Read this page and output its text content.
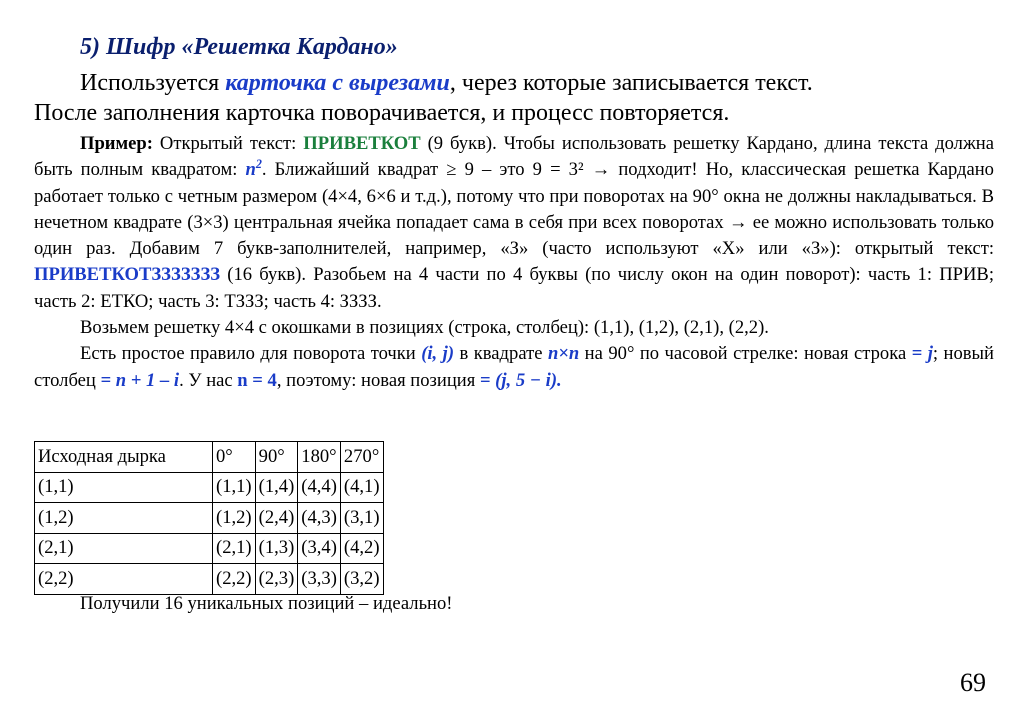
5) Шифр «Решетка Кардано»
Используется карточка с вырезами, через которые записывается текст.
После заполнения карточка поворачивается, и процесс повторяется.

Пример: Открытый текст: ПРИВЕТКОТ (9 букв). Чтобы использовать решетку Кардано, длина текста должна быть полным квадратом: $n^2$. Ближайший квадрат ≥ 9 – это 9 = 3² → подходит! Но, классическая решетка Кардано работает только с четным размером (4×4, 6×6 и т.д.), потому что при поворотах на 90° окна не должны накладываться. В нечетном квадрате (3×3) центральная ячейка попадает сама в себя при всех поворотах → ее можно использовать только один раз. Добавим 7 букв-заполнителей, например, «З» (часто используют «Х» или «З»): открытый текст: ПРИВЕТКОТЗЗЗЗЗЗЗ (16 букв). Разобьем на 4 части по 4 буквы (по числу окон на один поворот): часть 1: ПРИВ; часть 2: ЕТКО; часть 3: ТЗЗЗ; часть 4: ЗЗЗЗ.

Возьмем решетку 4×4 с окошками в позициях (строка, столбец): (1,1), (1,2), (2,1), (2,2).

Есть простое правило для поворота точки (i, j) в квадрате n×n на 90° по часовой стрелке: новая строка = j; новый столбец = n + 1 – i. У нас n = 4, поэтому: новая позиция = (j, 5 − i).

Исходная дырка	0°	90°	180°	270°
(1,1)	(1,1)	(1,4)	(4,4)	(4,1)
(1,2)	(1,2)	(2,4)	(4,3)	(3,1)
(2,1)	(2,1)	(1,3)	(3,4)	(4,2)
(2,2)	(2,2)	(2,3)	(3,3)	(3,2)
Получили 16 уникальных позиций – идеально!
69
